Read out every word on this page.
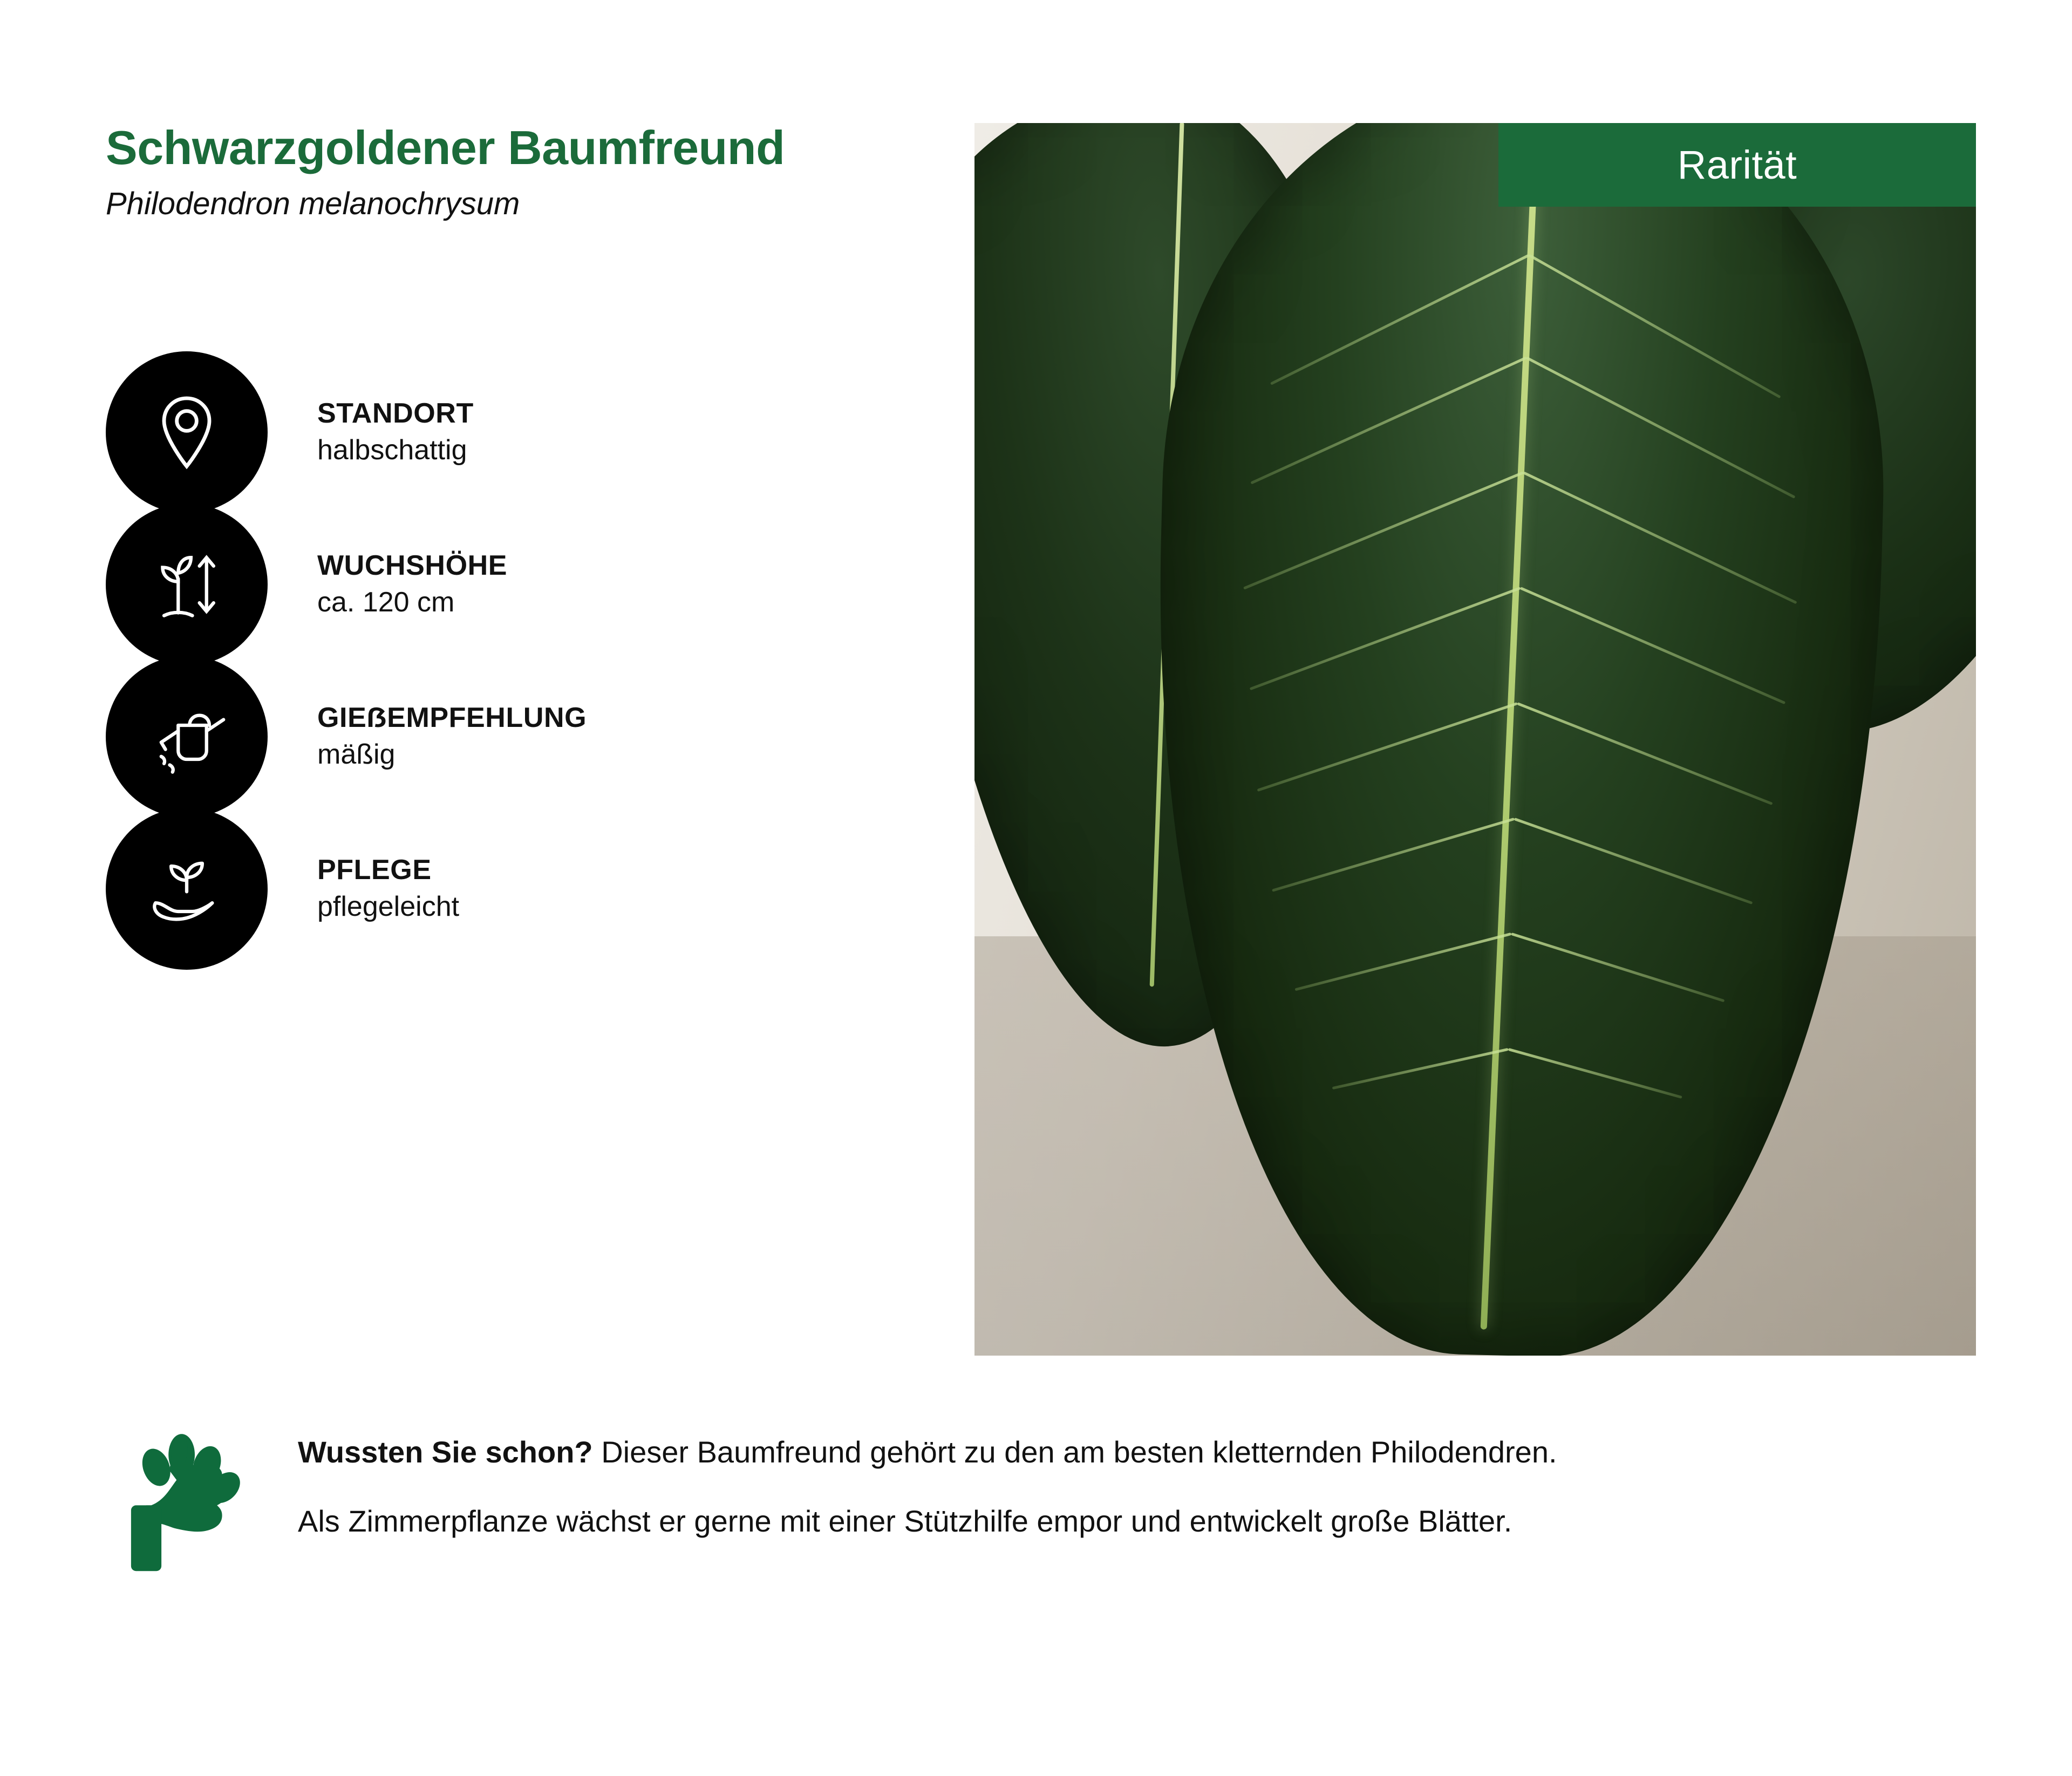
Schwarzgoldener Baumfreund
Philodendron melanochrysum
STANDORT
halbschattig
WUCHSHÖHE
ca. 120 cm
GIEẞEMPFEHLUNG
mäßig
PFLEGE
pflegeleicht
Rarität
Wussten Sie schon? Dieser Baumfreund gehört zu den am besten kletternden Philodendren.
Als Zimmerpflanze wächst er gerne mit einer Stützhilfe empor und entwickelt große Blätter.
